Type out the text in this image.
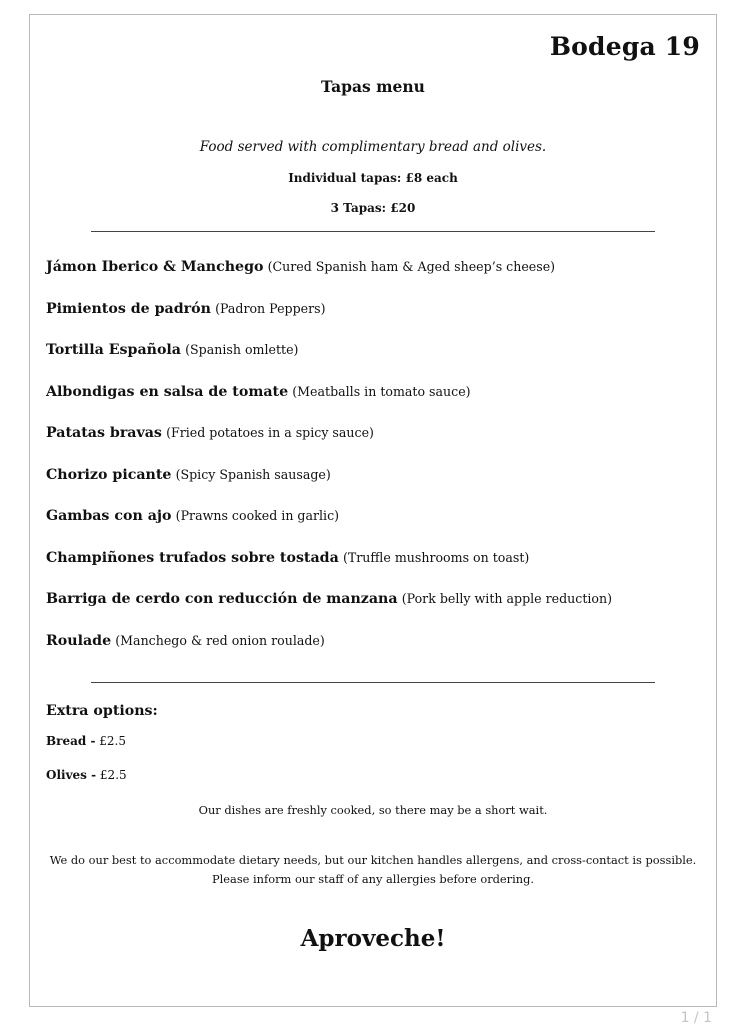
Bodega 19
Tapas menu
Food served with complimentary bread and olives.
Individual tapas: £8 each
3 Tapas: £20
Jámon Iberico & Manchego (Cured Spanish ham & Aged sheep’s cheese)
Pimientos de padrón (Padron Peppers)
Tortilla Española (Spanish omlette)
Albondigas en salsa de tomate (Meatballs in tomato sauce)
Patatas bravas (Fried potatoes in a spicy sauce)
Chorizo picante (Spicy Spanish sausage)
Gambas con ajo (Prawns cooked in garlic)
Champiñones trufados sobre tostada (Truffle mushrooms on toast)
Barriga de cerdo con reducción de manzana (Pork belly with apple reduction)
Roulade (Manchego & red onion roulade)
Extra options:
Bread - £2.5
Olives - £2.5
Our dishes are freshly cooked, so there may be a short wait.
We do our best to accommodate dietary needs, but our kitchen handles allergens, and cross-contact is possible.
Please inform our staff of any allergies before ordering.
Aproveche!
1 / 1
